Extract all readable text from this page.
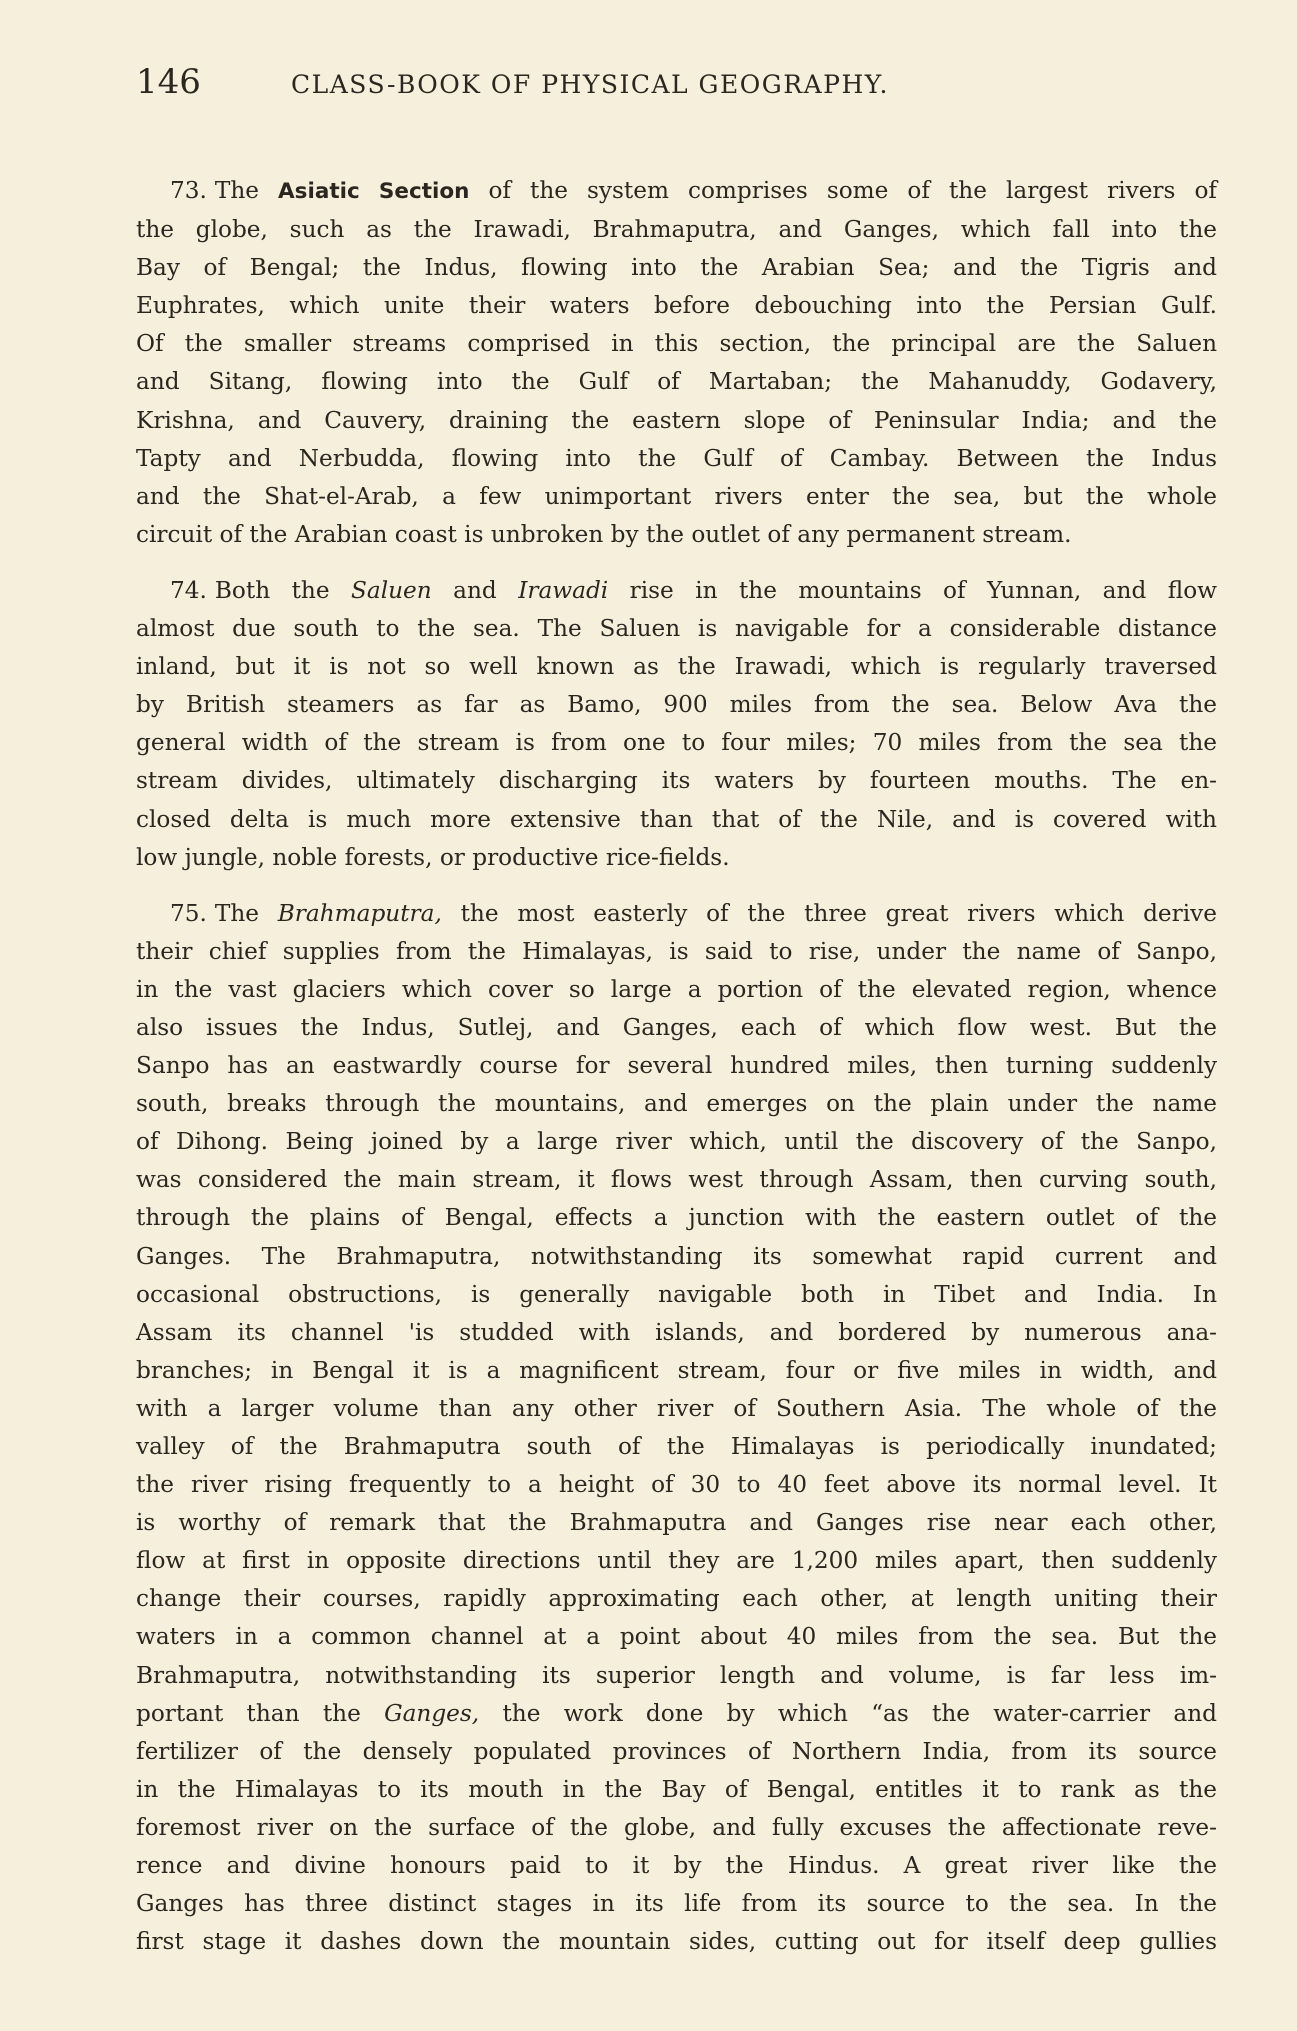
146	CLASS-BOOK OF PHYSICAL GEOGRAPHY.

73. The Asiatic Section of the system comprises some of the largest rivers of
the globe, such as the Irawadi, Brahmaputra, and Ganges, which fall into the
Bay of Bengal; the Indus, flowing into the Arabian Sea; and the Tigris and
Euphrates, which unite their waters before debouching into the Persian Gulf.
Of the smaller streams comprised in this section, the principal are the Saluen
and Sitang, flowing into the Gulf of Martaban; the Mahanuddy, Godavery,
Krishna, and Cauvery, draining the eastern slope of Peninsular India; and the
Tapty and Nerbudda, flowing into the Gulf of Cambay. Between the Indus
and the Shat-el-Arab, a few unimportant rivers enter the sea, but the whole
circuit of the Arabian coast is unbroken by the outlet of any permanent stream.

74. Both the Saluen and Irawadi rise in the mountains of Yunnan, and flow
almost due south to the sea. The Saluen is navigable for a considerable distance
inland, but it is not so well known as the Irawadi, which is regularly traversed
by British steamers as far as Bamo, 900 miles from the sea. Below Ava the
general width of the stream is from one to four miles; 70 miles from the sea the
stream divides, ultimately discharging its waters by fourteen mouths. The en-
closed delta is much more extensive than that of the Nile, and is covered with
low jungle, noble forests, or productive rice-fields.

75. The Brahmaputra, the most easterly of the three great rivers which derive
their chief supplies from the Himalayas, is said to rise, under the name of Sanpo,
in the vast glaciers which cover so large a portion of the elevated region, whence
also issues the Indus, Sutlej, and Ganges, each of which flow west. But the
Sanpo has an eastwardly course for several hundred miles, then turning suddenly
south, breaks through the mountains, and emerges on the plain under the name
of Dihong. Being joined by a large river which, until the discovery of the Sanpo,
was considered the main stream, it flows west through Assam, then curving south,
through the plains of Bengal, effects a junction with the eastern outlet of the
Ganges. The Brahmaputra, notwithstanding its somewhat rapid current and
occasional obstructions, is generally navigable both in Tibet and India. In
Assam its channel 'is studded with islands, and bordered by numerous ana-
branches; in Bengal it is a magnificent stream, four or five miles in width, and
with a larger volume than any other river of Southern Asia. The whole of the
valley of the Brahmaputra south of the Himalayas is periodically inundated;
the river rising frequently to a height of 30 to 40 feet above its normal level. It
is worthy of remark that the Brahmaputra and Ganges rise near each other,
flow at first in opposite directions until they are 1,200 miles apart, then suddenly
change their courses, rapidly approximating each other, at length uniting their
waters in a common channel at a point about 40 miles from the sea. But the
Brahmaputra, notwithstanding its superior length and volume, is far less im-
portant than the Ganges, the work done by which “as the water-carrier and
fertilizer of the densely populated provinces of Northern India, from its source
in the Himalayas to its mouth in the Bay of Bengal, entitles it to rank as the
foremost river on the surface of the globe, and fully excuses the affectionate reve-
rence and divine honours paid to it by the Hindus. A great river like the
Ganges has three distinct stages in its life from its source to the sea. In the
first stage it dashes down the mountain sides, cutting out for itself deep gullies
